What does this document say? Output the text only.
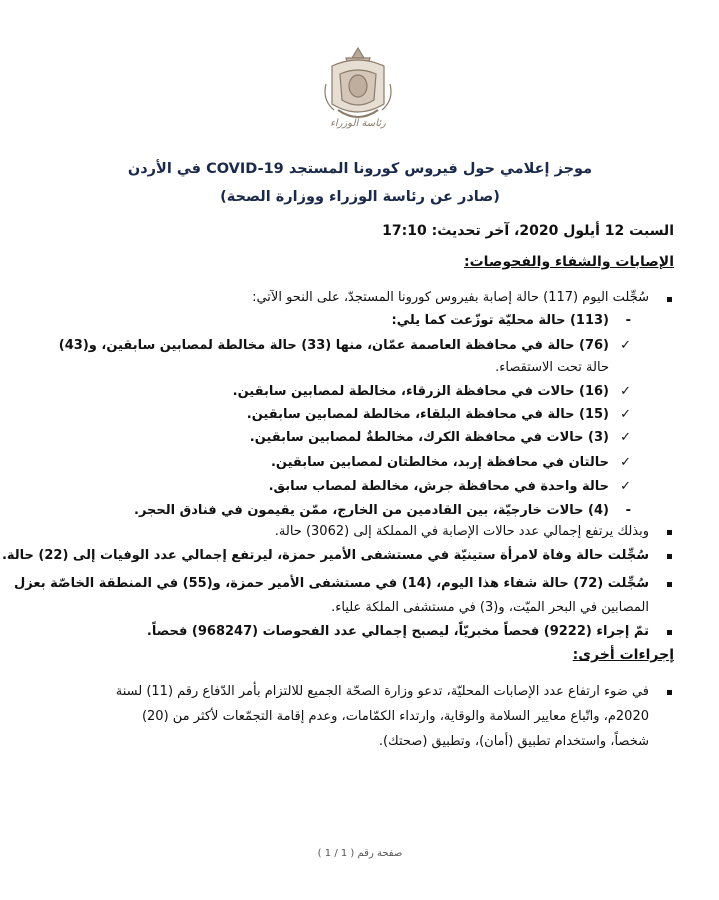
رئاسة الوزراء
موجز إعلامي حول فيروس كورونا المستجد COVID-19 في الأردن
(صادر عن رئاسة الوزراء ووزارة الصحة)
السبت 12 أيلول 2020، آخر تحديث: 17:10
الإصابات والشفاء والفحوصات:
سُجِّلت اليوم (117) حالة إصابة بفيروس كورونا المستجدّ، على النحو الآتي:
-
(113) حالة محليّة توزّعت كما يلي:
✓
(76) حالة في محافظة العاصمة عمّان، منها (33) حالة مخالطة لمصابين سابقين، و(43)
حالة تحت الاستقصاء.
✓
(16) حالات في محافظة الزرقاء، مخالطة لمصابين سابقين.
✓
(15) حالة في محافظة البلقاء، مخالطة لمصابين سابقين.
✓
(3) حالات في محافظة الكرك، مخالطةٌ لمصابين سابقين.
✓
حالتان في محافظة إربد، مخالطتان لمصابين سابقين.
✓
حالة واحدة في محافظة جرش، مخالطة لمصاب سابق.
-
(4) حالات خارجيّة، بين القادمين من الخارج، ممّن يقيمون في فنادق الحجر.
وبذلك يرتفع إجمالي عدد حالات الإصابة في المملكة إلى (3062) حالة.
سُجِّلت حالة وفاة لامرأة ستينيّة في مستشفى الأمير حمزة، ليرتفع إجمالي عدد الوفيات إلى (22) حالة.
سُجِّلت (72) حالة شفاء هذا اليوم، (14) في مستشفى الأمير حمزة، و(55) في المنطقة الخاصّة بعزل
المصابين في البحر الميّت، و(3) في مستشفى الملكة علياء.
تمّ إجراء (9222) فحصاً مخبريّاً، ليصبح إجمالي عدد الفحوصات (968247) فحصاً.
إجراءات أخرى:
في ضوء ارتفاع عدد الإصابات المحليّة، تدعو وزارة الصحّة الجميع للالتزام بأمر الدّفاع رقم (11) لسنة
2020م، واتّباع معايير السلامة والوقاية، وارتداء الكمّامات، وعدم إقامة التجمّعات لأكثر من (20)
شخصاً، واستخدام تطبيق (أمان)، وتطبيق (صحتك).
صفحة رقم ( 1 / 1 )
